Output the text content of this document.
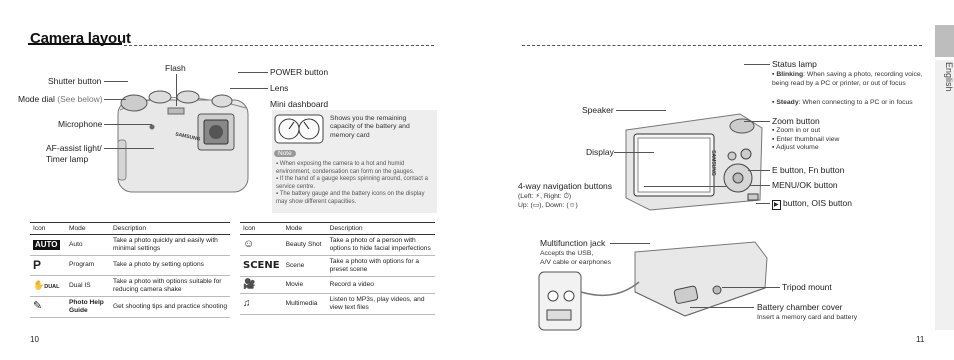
Camera layout
English
SAMSUNG
Shutter button
Mode dial (See below)
Microphone
AF-assist light/
Timer lamp
Flash	POWER button
Lens
Mini dashboard
Shows you the remaining capacity of the battery and memory card
Note
▪ When exposing the camera to a hot and humid environment, condensation can form on the gauges.
▪ If the hand of a gauge keeps spinning around, contact a service centre.
▪ The battery gauge and the battery icons on the display may show different capacities.
Icon	Mode	Description
AUTO	Auto	Take a photo quickly and easily with minimal settings
P	Program	Take a photo by setting options
✋DUAL	Dual IS	Take a photo with options suitable for reducing camera shake
✎	Photo Help Guide	Get shooting tips and practice shooting
Icon	Mode	Description
☺	Beauty Shot	Take a photo of a person with options to hide facial imperfections
SCENE	Scene	Take a photo with options for a preset scene
🎥	Movie	Record a video
♫	Multimedia	Listen to MP3s, play videos, and view text files
SAMSUNG
Status lamp
▪ Blinking: When saving a photo, recording voice, being read by a PC or printer, or out of focus
▪ Steady: When connecting to a PC or in focus
Speaker
Zoom button
▪ Zoom in or out
▪ Enter thumbnail view
▪ Adjust volume
Display
E button, Fn button
MENU/OK button
4-way navigation buttons
(Left: ⚡, Right: ⏱)
Up: (▭), Down: (☺)	▶ button, OIS button
Multifunction jack
Accepts the USB,
A/V cable or earphones
Tripod mount
Battery chamber cover
Insert a memory card and battery
10	11
